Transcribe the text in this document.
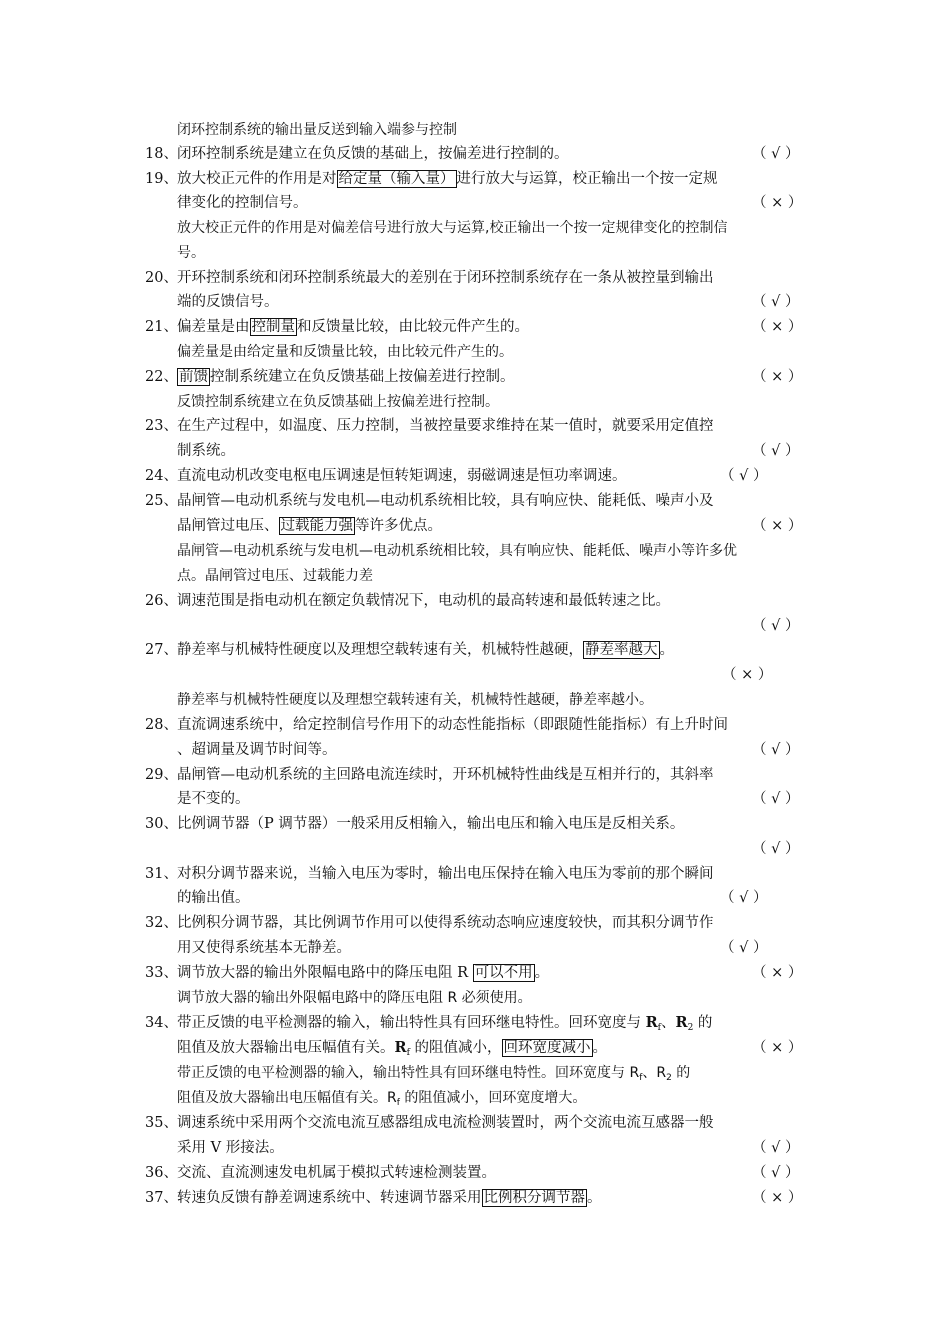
闭环控制系统的输出量反送到输入端参与控制
18、 闭环控制系统是建立在负反馈的基础上，按偏差进行控制的。	（ √ ）
19、 放大校正元件的作用是对 给定量（输入量） 进行放大与运算，校正输出一个按一定规
律变化的控制信号。	（ × ）
放大校正元件的作用是对偏差信号进行放大与运算,校正输出一个按一定规律变化的控制信
号。
20、 开环控制系统和闭环控制系统最大的差别在于闭环控制系统存在一条从被控量到输出
端的反馈信号。	（ √ ）
21、 偏差量是由 控制量 和反馈量比较，由比较元件产生的。	（ × ）
偏差量是由给定量和反馈量比较，由比较元件产生的。
22、 前馈 控制系统建立在负反馈基础上按偏差进行控制。	（ × ）
反馈控制系统建立在负反馈基础上按偏差进行控制。
23、 在生产过程中，如温度、压力控制，当被控量要求维持在某一值时，就要采用定值控
制系统。	（ √ ）
24、 直流电动机改变电枢电压调速是恒转矩调速，弱磁调速是恒功率调速。	（ √ ）
25、 晶闸管—电动机系统与发电机—电动机系统相比较，具有响应快、能耗低、噪声小及
晶闸管过电压、 过载能力强 等许多优点。	（ × ）
晶闸管—电动机系统与发电机—电动机系统相比较，具有响应快、能耗低、噪声小等许多优
点。晶闸管过电压、过载能力差
26、 调速范围是指电动机在额定负载情况下，电动机的最高转速和最低转速之比。
（ √ ）
27、 静差率与机械特性硬度以及理想空载转速有关，机械特性越硬， 静差率越大 。
（ × ）
静差率与机械特性硬度以及理想空载转速有关，机械特性越硬，静差率越小。
28、 直流调速系统中，给定控制信号作用下的动态性能指标（即跟随性能指标）有上升时间
、超调量及调节时间等。	（ √ ）
29、 晶闸管—电动机系统的主回路电流连续时，开环机械特性曲线是互相并行的，其斜率
是不变的。	（ √ ）
30、 比例调节器（P 调节器）一般采用反相输入，输出电压和输入电压是反相关系。
（ √ ）
31、 对积分调节器来说，当输入电压为零时，输出电压保持在输入电压为零前的那个瞬间
的输出值。	（ √ ）
32、 比例积分调节器，其比例调节作用可以使得系统动态响应速度较快，而其积分调节作
用又使得系统基本无静差。	（ √ ）
33、 调节放大器的输出外限幅电路中的降压电阻 R 可以不用 。	（ × ）
调节放大器的输出外限幅电路中的降压电阻 R 必须使用。
34、 带正反馈的电平检测器的输入，输出特性具有回环继电特性。回环宽度与 $R_f$、$R_2$ 的
阻值及放大器输出电压幅值有关。$R_f$ 的阻值减小， 回环宽度减小 。	（ × ）
带正反馈的电平检测器的输入，输出特性具有回环继电特性。回环宽度与 $R_f$、$R_2$ 的
阻值及放大器输出电压幅值有关。$R_f$ 的阻值减小，回环宽度增大。
35、 调速系统中采用两个交流电流互感器组成电流检测装置时，两个交流电流互感器一般
采用 V 形接法。	（ √ ）
36、 交流、直流测速发电机属于模拟式转速检测装置。	（ √ ）
37、 转速负反馈有静差调速系统中、转速调节器采用 比例积分调节器 。	（ × ）
